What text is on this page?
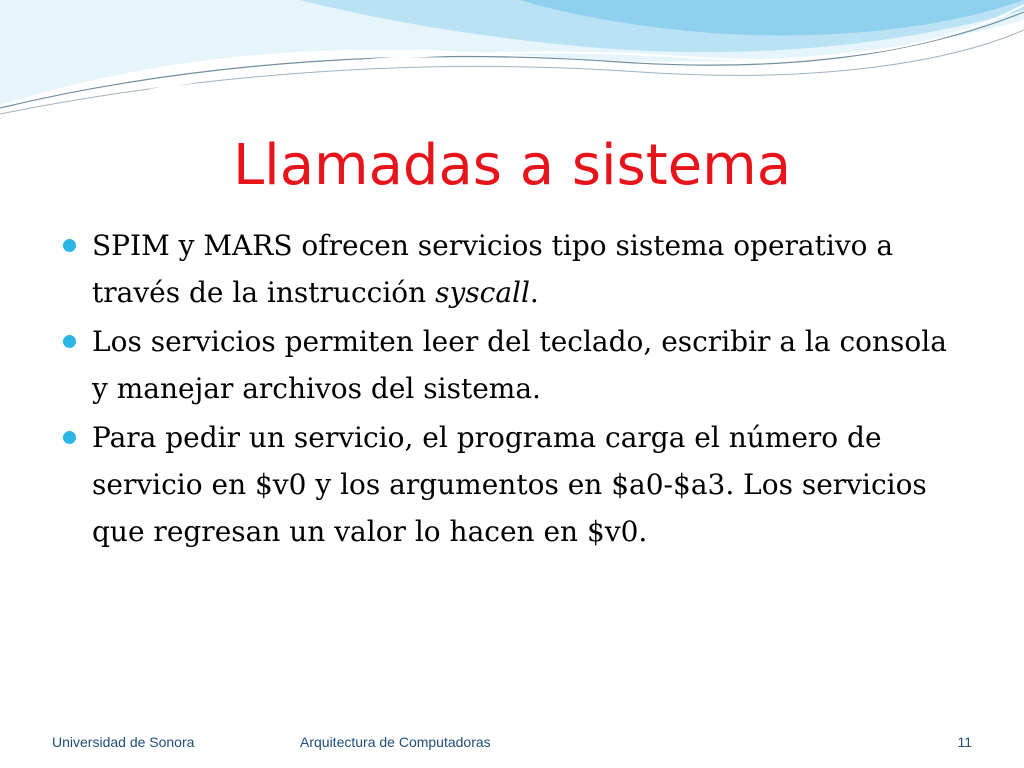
Llamadas a sistema
SPIM y MARS ofrecen servicios tipo sistema operativo a través de la instrucción syscall.
Los servicios permiten leer del teclado, escribir a la consola y manejar archivos del sistema.
Para pedir un servicio, el programa carga el número de servicio en $v0 y los argumentos en $a0-$a3. Los servicios que regresan un valor lo hacen en $v0.
Universidad de Sonora	Arquitectura de Computadoras	11
